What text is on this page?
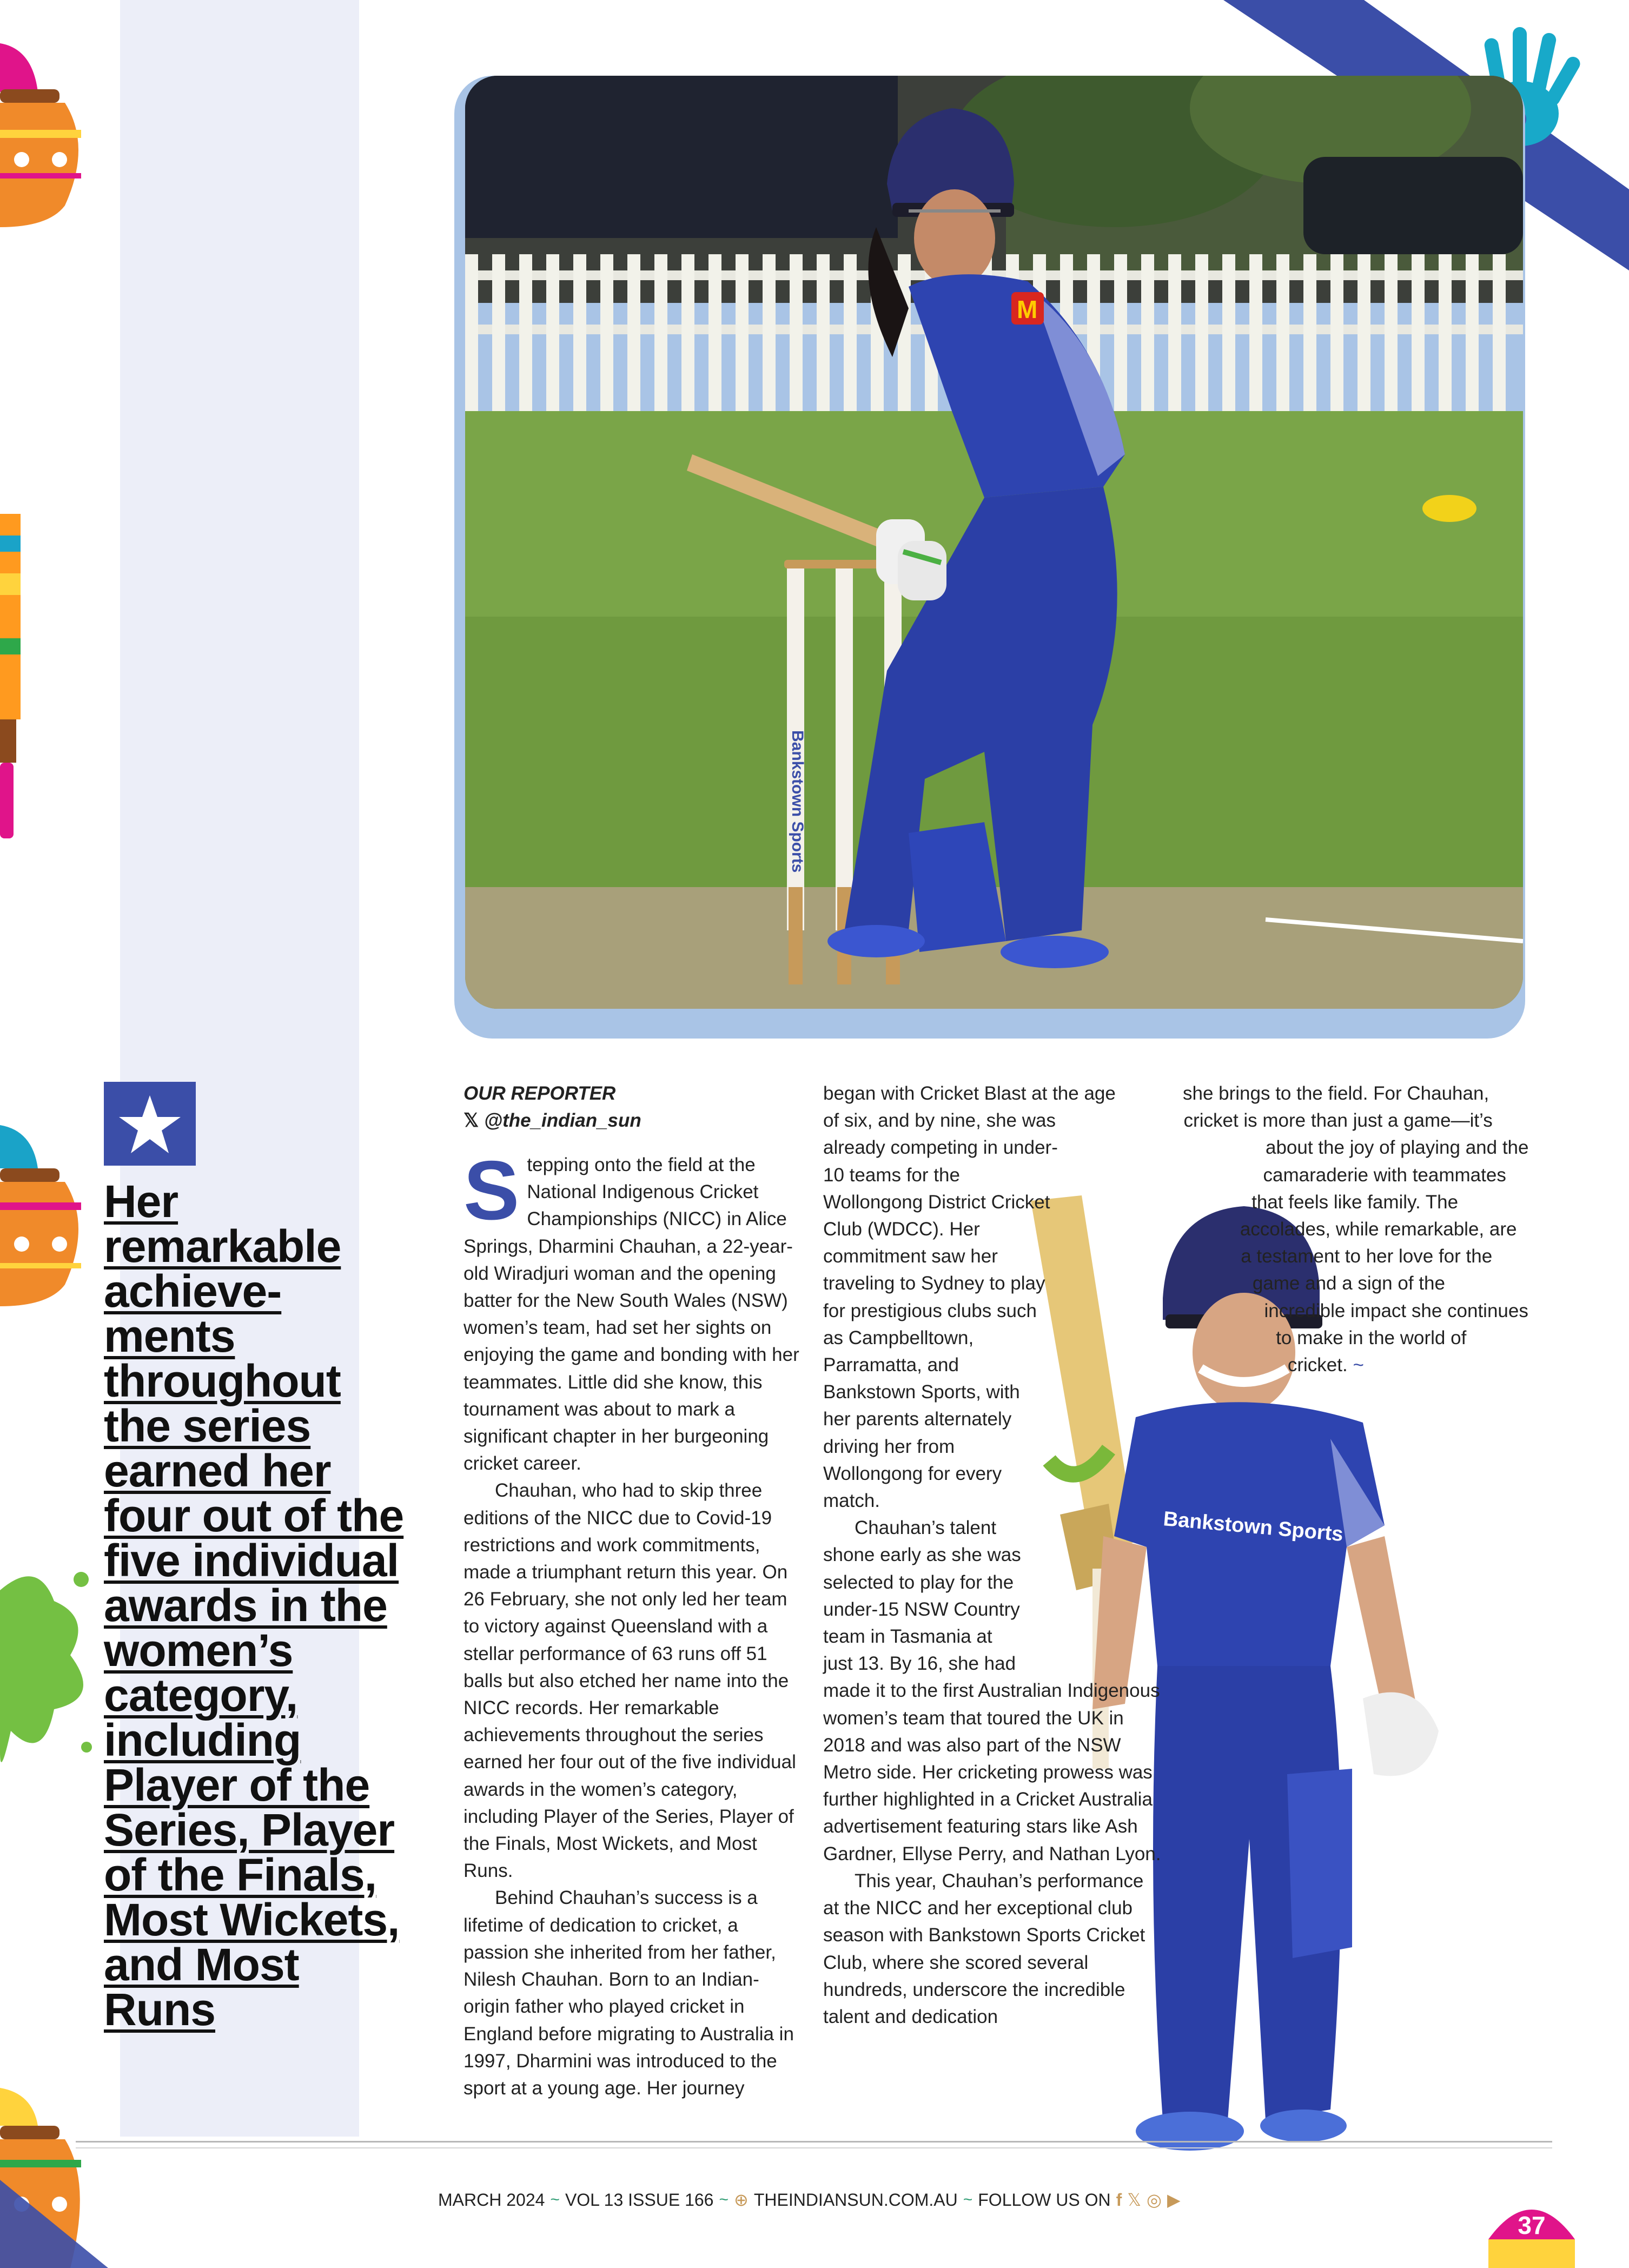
Bankstown Sports
M

Her remarkable achieve-ments throughout the series earned her four out of the five individual awards in the women’s category, including Player of the Series, Player of the Finals, Most Wickets, and Most Runs

OUR REPORTER

𝕏 @the_indian_sun

Stepping onto the field at the National Indigenous Cricket Championships (NICC) in Alice Springs, Dharmini Chauhan, a 22-year-old Wiradjuri woman and the opening batter for the New South Wales (NSW) women’s team, had set her sights on enjoying the game and bonding with her teammates. Little did she know, this tournament was about to mark a significant chapter in her burgeoning cricket career.

Chauhan, who had to skip three editions of the NICC due to Covid-19 restrictions and work commitments, made a triumphant return this year. On 26 February, she not only led her team to victory against Queensland with a stellar performance of 63 runs off 51 balls but also etched her name into the NICC records. Her remarkable achievements throughout the series earned her four out of the five individual awards in the women’s category, including Player of the Series, Player of the Finals, Most Wickets, and Most Runs.

Behind Chauhan’s success is a lifetime of dedication to cricket, a passion she inherited from her father, Nilesh Chauhan. Born to an Indian-origin father who played cricket in England before migrating to Australia in 1997, Dharmini was introduced to the sport at a young age. Her journey

Bankstown Sports

began with Cricket Blast at the age of six, and by nine, she was already competing in under-10 teams for the Wollongong District Cricket Club (WDCC). Her commitment saw her traveling to Sydney to play for prestigious clubs such as Campbelltown, Parramatta, and Bankstown Sports, with her parents alternately driving her from Wollongong for every match.

Chauhan’s talent shone early as she was selected to play for the under-15 NSW Country team in Tasmania at just 13. By 16, she had made it to the first Australian Indigenous women’s team that toured the UK in 2018 and was also part of the NSW Metro side. Her cricketing prowess was further highlighted in a Cricket Australia advertisement featuring stars like Ash Gardner, Ellyse Perry, and Nathan Lyon.

This year, Chauhan’s performance at the NICC and her exceptional club season with Bankstown Sports Cricket Club, where she scored several hundreds, underscore the incredible talent and dedication

she brings to the field. For Chauhan, cricket is more than just a game—it’s about the joy of playing and the camaraderie with teammates that feels like family. The accolades, while remarkable, are a testament to her love for the game and a sign of the incredible impact she continues to make in the world of cricket. ~

MARCH 2024 ~ VOL 13 ISSUE 166 ~ ⊕ THEINDIANSUN.COM.AU ~ FOLLOW US ON f 𝕏 ◎ ▶
37
